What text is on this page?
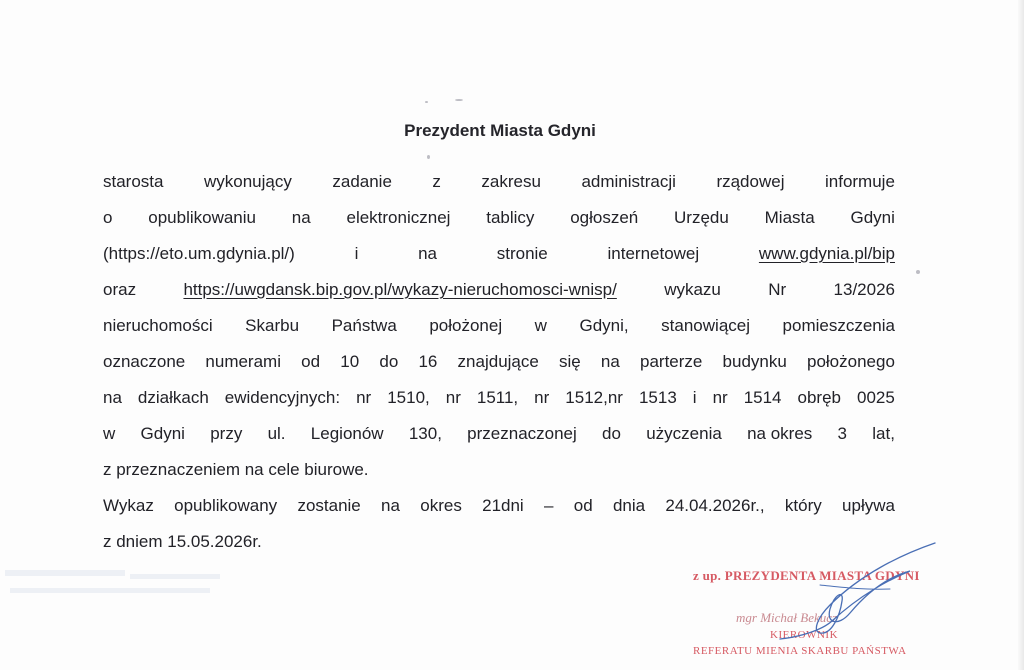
Prezydent Miasta Gdyni
starosta wykonujący zadanie z zakresu administracji rządowej informuje
o opublikowaniu na elektronicznej tablicy ogłoszeń Urzędu Miasta Gdyni
(https://eto.um.gdynia.pl/)	i	na	stronie	internetowej	www.gdynia.pl/bip
oraz	https://uwgdansk.bip.gov.pl/wykazy-nieruchomosci-wnisp/	wykazu	Nr	13/2026
nieruchomości Skarbu Państwa położonej w Gdyni, stanowiącej pomieszczenia
oznaczone numerami od 10 do 16 znajdujące się na parterze budynku położonego
na działkach ewidencyjnych: nr 1510, nr 1511, nr 1512,nr 1513 i nr 1514 obręb 0025
w Gdyni przy ul. Legionów 130, przeznaczonej do użyczenia na okres 3 lat,
z przeznaczeniem na cele biurowe.
Wykaz opublikowany zostanie na okres 21dni – od dnia 24.04.2026r., który upływa
z dniem 15.05.2026r.
z up. PREZYDENTA MIASTA GDYNI
mgr Michał Bekucz
KIEROWNIK
REFERATU MIENIA SKARBU PAŃSTWA
